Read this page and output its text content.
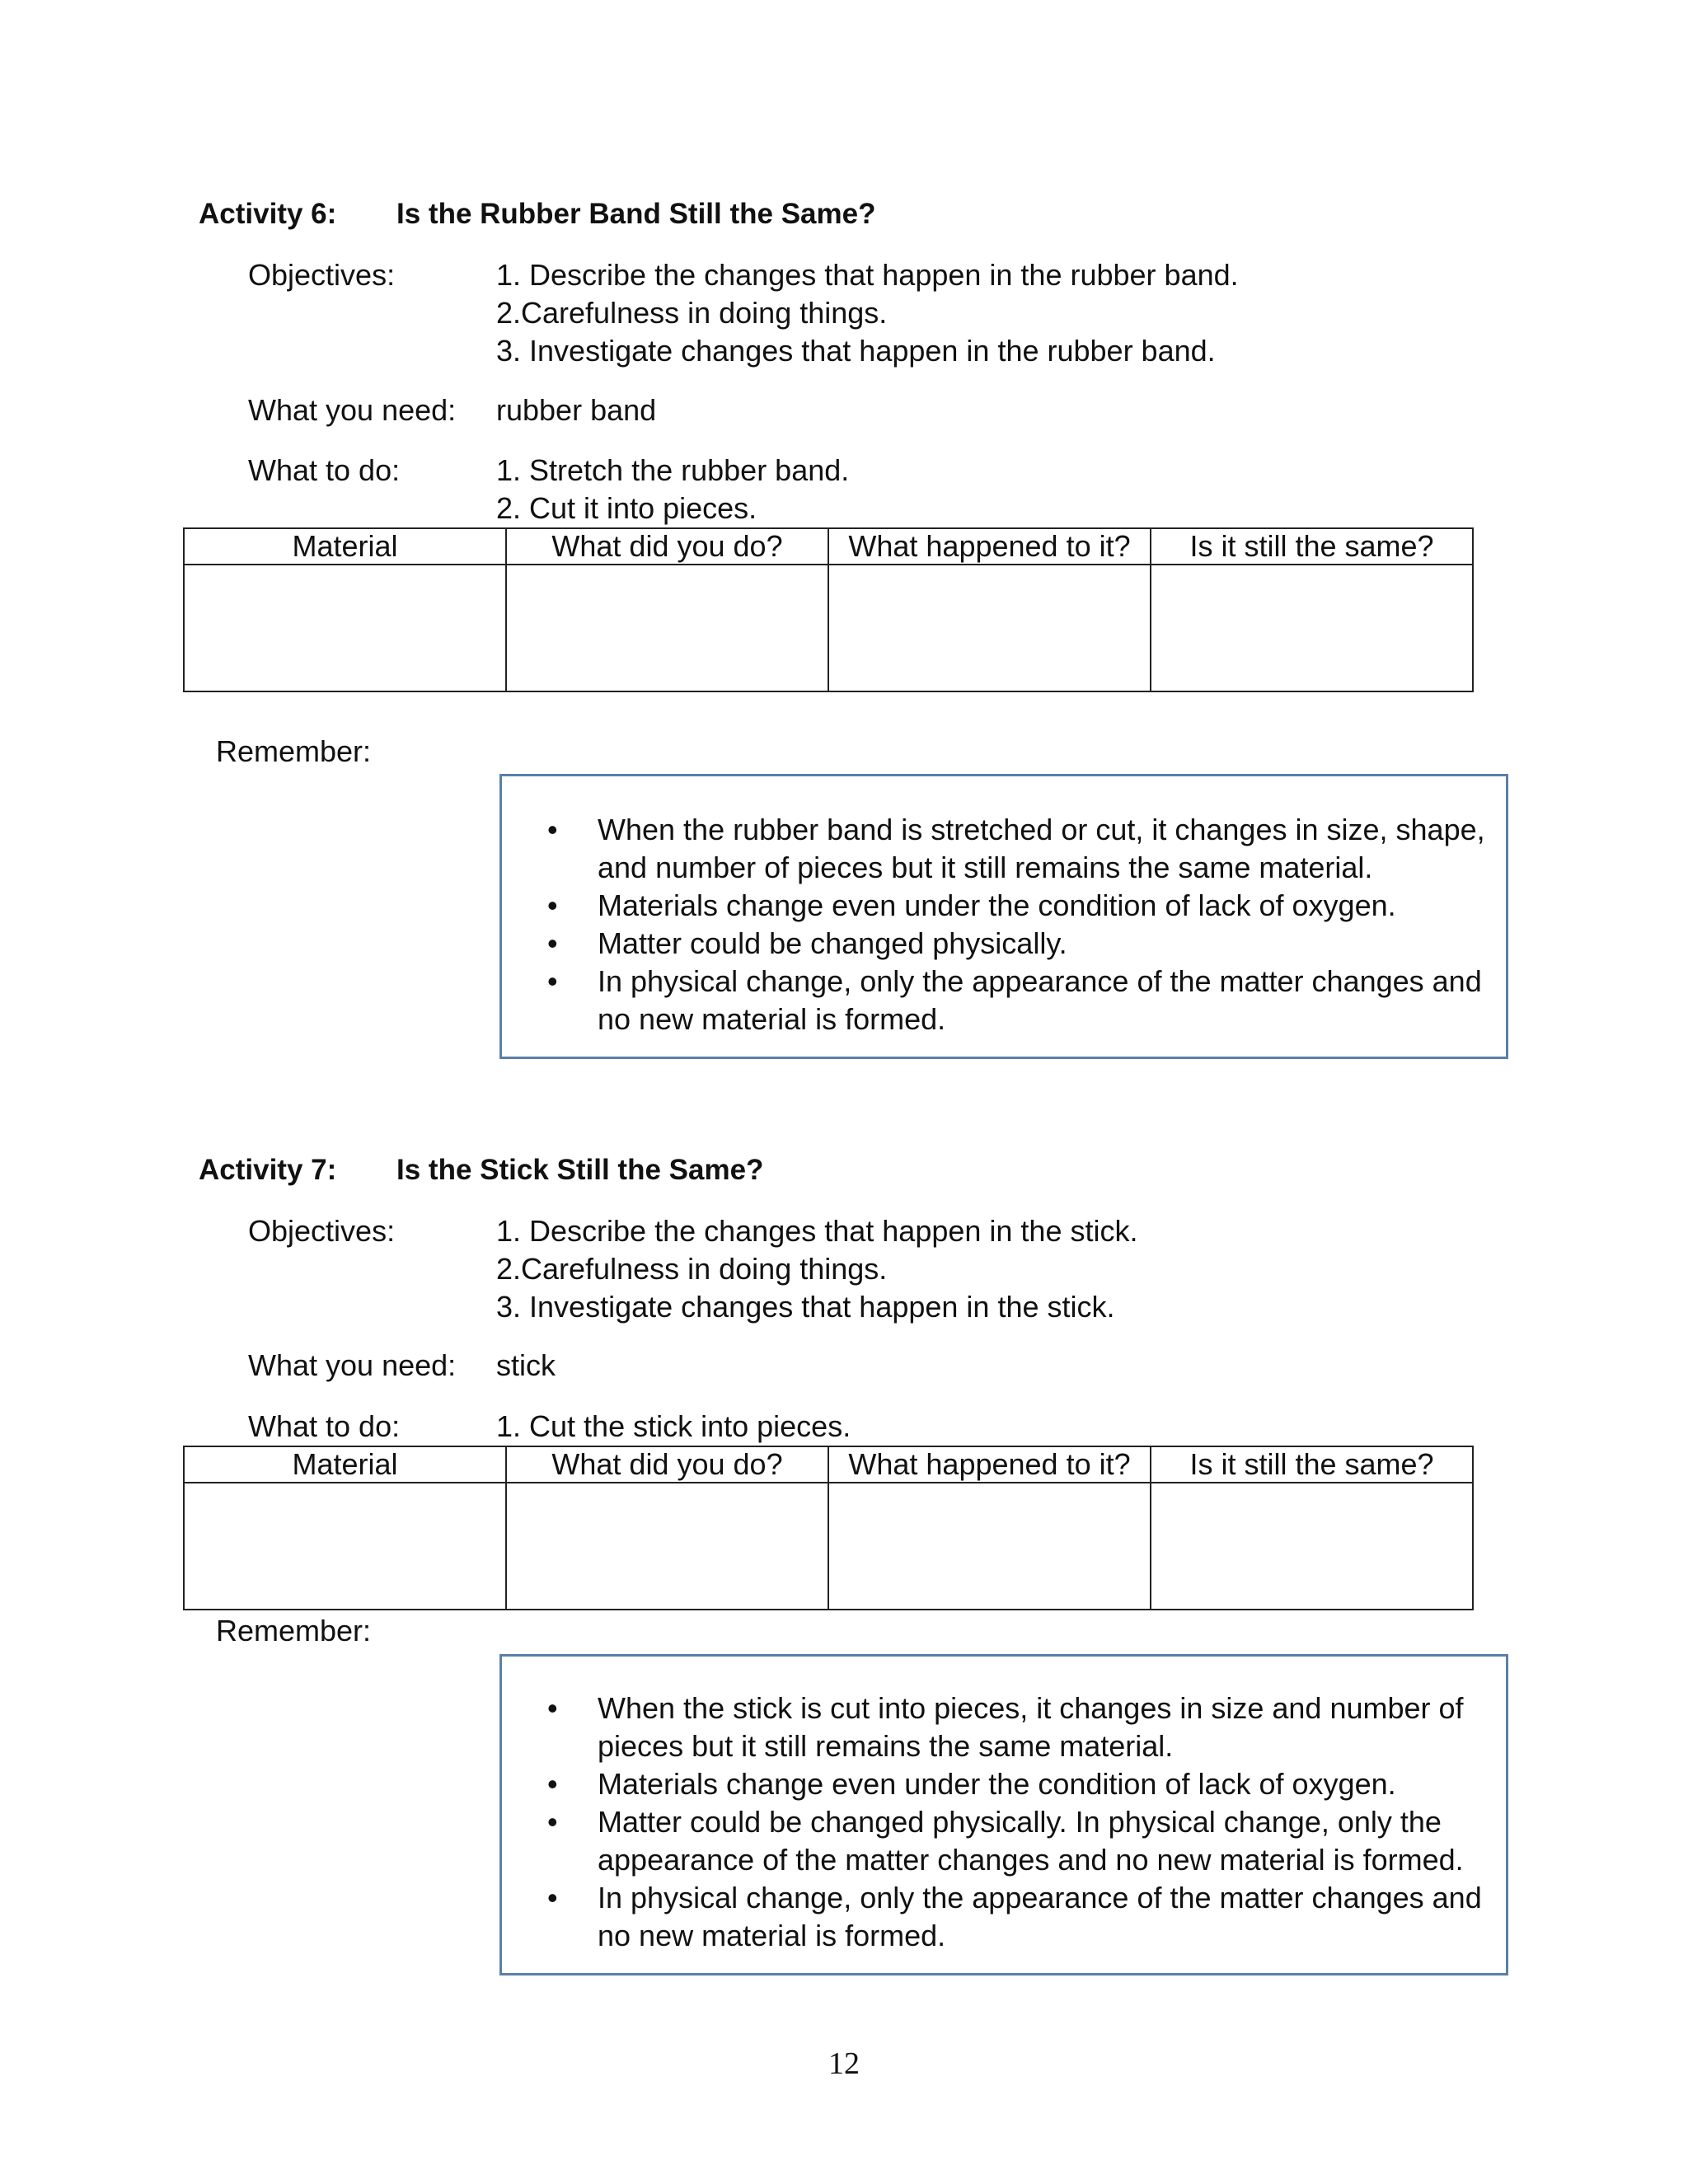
Activity 6: Is the Rubber Band Still the Same?
Objectives:	1. Describe the changes that happen in the rubber band.
2.Carefulness in doing things.
3. Investigate changes that happen in the rubber band.
What you need: rubber band
What to do:	1. Stretch the rubber band.
2. Cut it into pieces.
Material	What did you do?	What happened to it?	Is it still the same?

Remember:
• When the rubber band is stretched or cut, it changes in size, shape, and number of pieces but it still remains the same material.
• Materials change even under the condition of lack of oxygen.
• Matter could be changed physically.
• In physical change, only the appearance of the matter changes and no new material is formed.
Activity 7: Is the Stick Still the Same?
Objectives:	1. Describe the changes that happen in the stick.
2.Carefulness in doing things.
3. Investigate changes that happen in the stick.
What you need: stick
What to do:	1. Cut the stick into pieces.
Material	What did you do?	What happened to it?	Is it still the same?

Remember:
• When the stick is cut into pieces, it changes in size and number of pieces but it still remains the same material.
• Materials change even under the condition of lack of oxygen.
• Matter could be changed physically. In physical change, only the appearance of the matter changes and no new material is formed.
• In physical change, only the appearance of the matter changes and no new material is formed.
12
